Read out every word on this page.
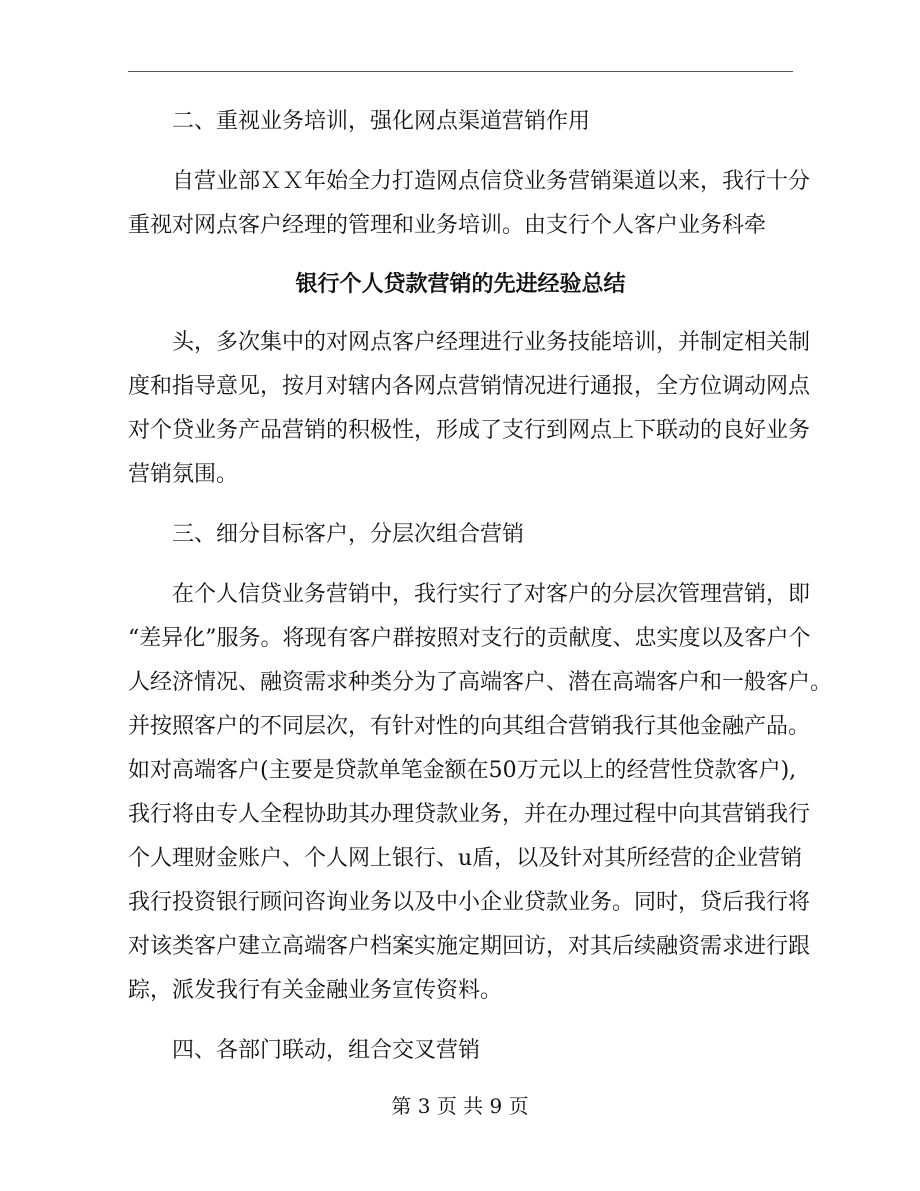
二、重视业务培训，强化网点渠道营销作用
自营业部ＸＸ年始全力打造网点信贷业务营销渠道以来，我行十分
重视对网点客户经理的管理和业务培训。由支行个人客户业务科牵
银行个人贷款营销的先进经验总结
头，多次集中的对网点客户经理进行业务技能培训，并制定相关制
度和指导意见，按月对辖内各网点营销情况进行通报，全方位调动网点
对个贷业务产品营销的积极性，形成了支行到网点上下联动的良好业务
营销氛围。
三、细分目标客户，分层次组合营销
在个人信贷业务营销中，我行实行了对客户的分层次管理营销，即
“差异化”服务。将现有客户群按照对支行的贡献度、忠实度以及客户个
人经济情况、融资需求种类分为了高端客户、潜在高端客户和一般客户。
并按照客户的不同层次，有针对性的向其组合营销我行其他金融产品。
如对高端客户(主要是贷款单笔金额在50万元以上的经营性贷款客户),
我行将由专人全程协助其办理贷款业务，并在办理过程中向其营销我行
个人理财金账户、个人网上银行、u盾，以及针对其所经营的企业营销
我行投资银行顾问咨询业务以及中小企业贷款业务。同时，贷后我行将
对该类客户建立高端客户档案实施定期回访，对其后续融资需求进行跟
踪，派发我行有关金融业务宣传资料。
四、各部门联动，组合交叉营销
第 3 页 共 9 页
